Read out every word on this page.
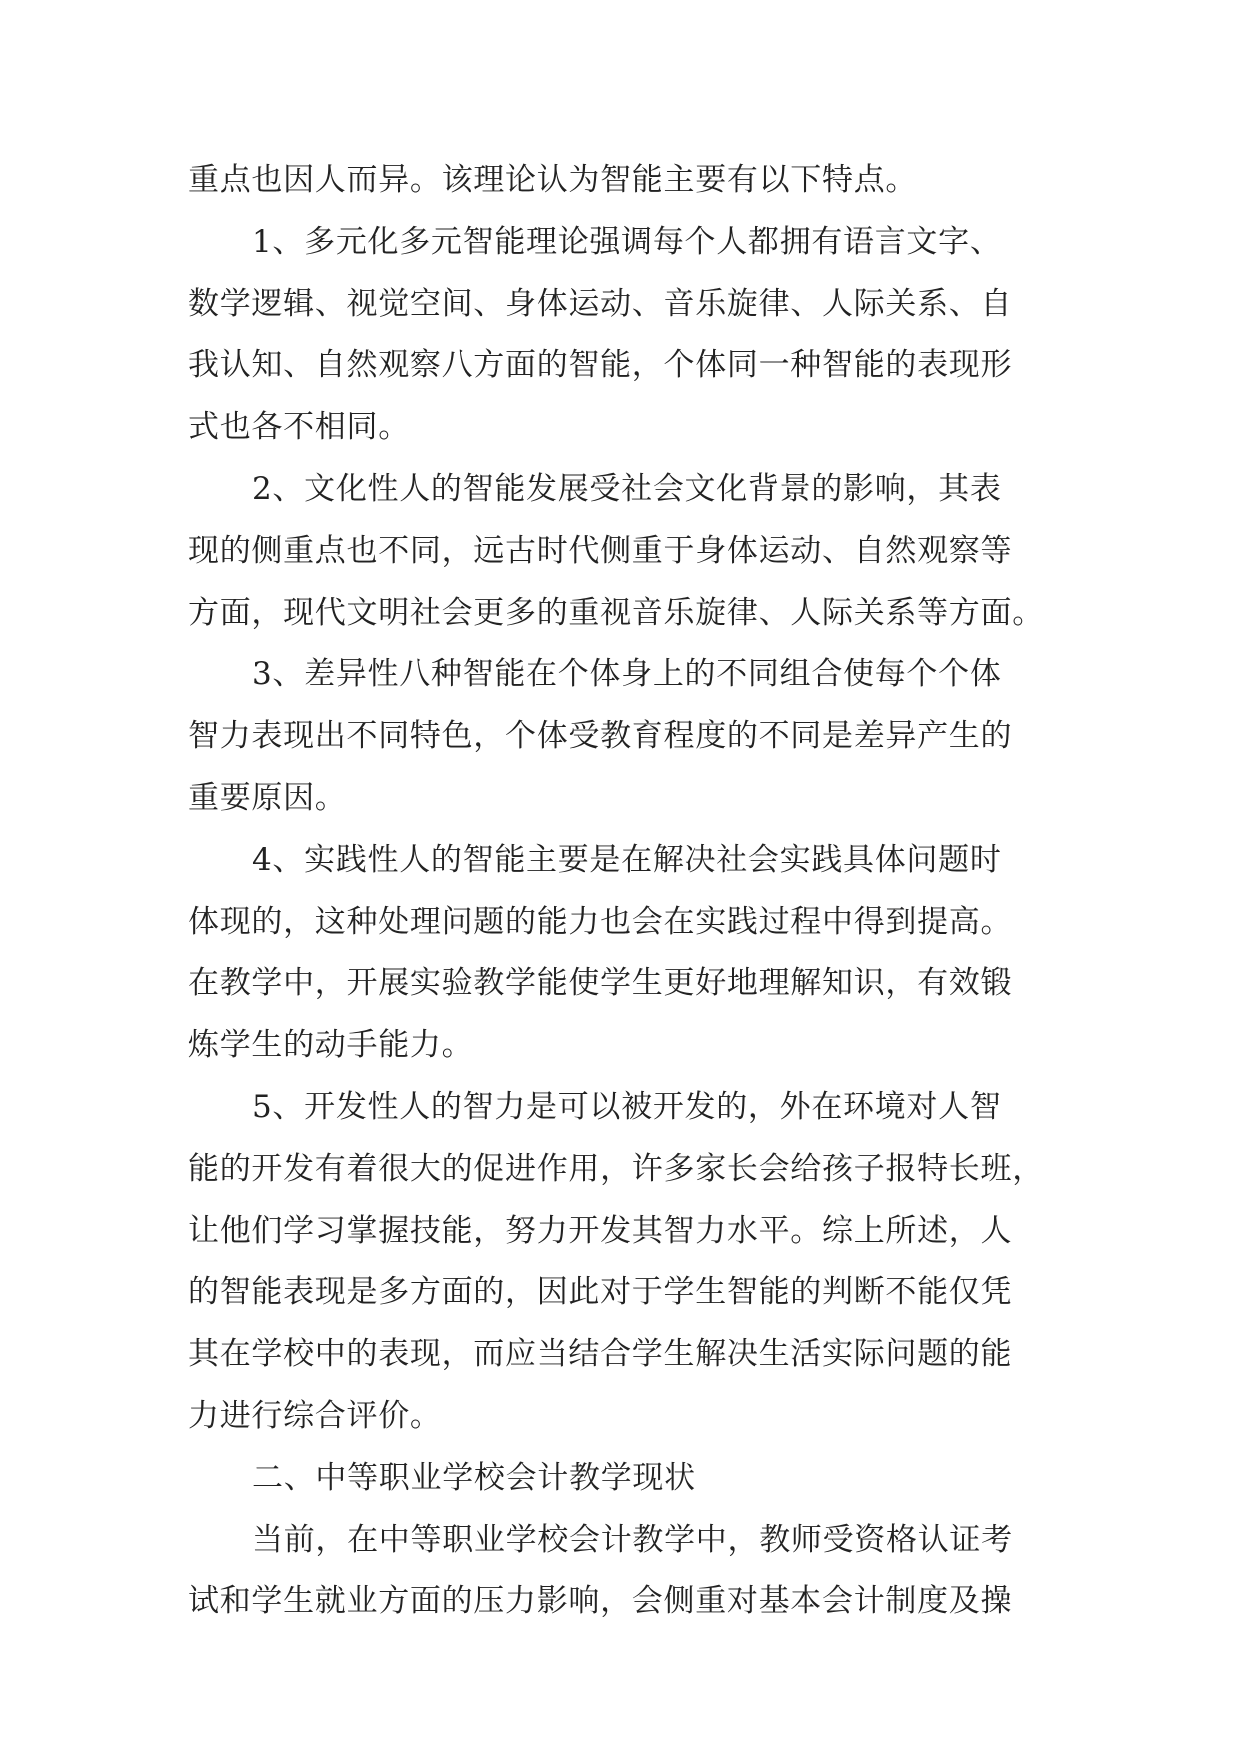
重点也因人而异。该理论认为智能主要有以下特点。
1、多元化多元智能理论强调每个人都拥有语言文字、
数学逻辑、视觉空间、身体运动、音乐旋律、人际关系、自
我认知、自然观察八方面的智能，个体同一种智能的表现形
式也各不相同。
2、文化性人的智能发展受社会文化背景的影响，其表
现的侧重点也不同，远古时代侧重于身体运动、自然观察等
方面，现代文明社会更多的重视音乐旋律、人际关系等方面。
3、差异性八种智能在个体身上的不同组合使每个个体
智力表现出不同特色，个体受教育程度的不同是差异产生的
重要原因。
4、实践性人的智能主要是在解决社会实践具体问题时
体现的，这种处理问题的能力也会在实践过程中得到提高。
在教学中，开展实验教学能使学生更好地理解知识，有效锻
炼学生的动手能力。
5、开发性人的智力是可以被开发的，外在环境对人智
能的开发有着很大的促进作用，许多家长会给孩子报特长班，
让他们学习掌握技能，努力开发其智力水平。综上所述，人
的智能表现是多方面的，因此对于学生智能的判断不能仅凭
其在学校中的表现，而应当结合学生解决生活实际问题的能
力进行综合评价。
二、中等职业学校会计教学现状
当前，在中等职业学校会计教学中，教师受资格认证考
试和学生就业方面的压力影响，会侧重对基本会计制度及操
